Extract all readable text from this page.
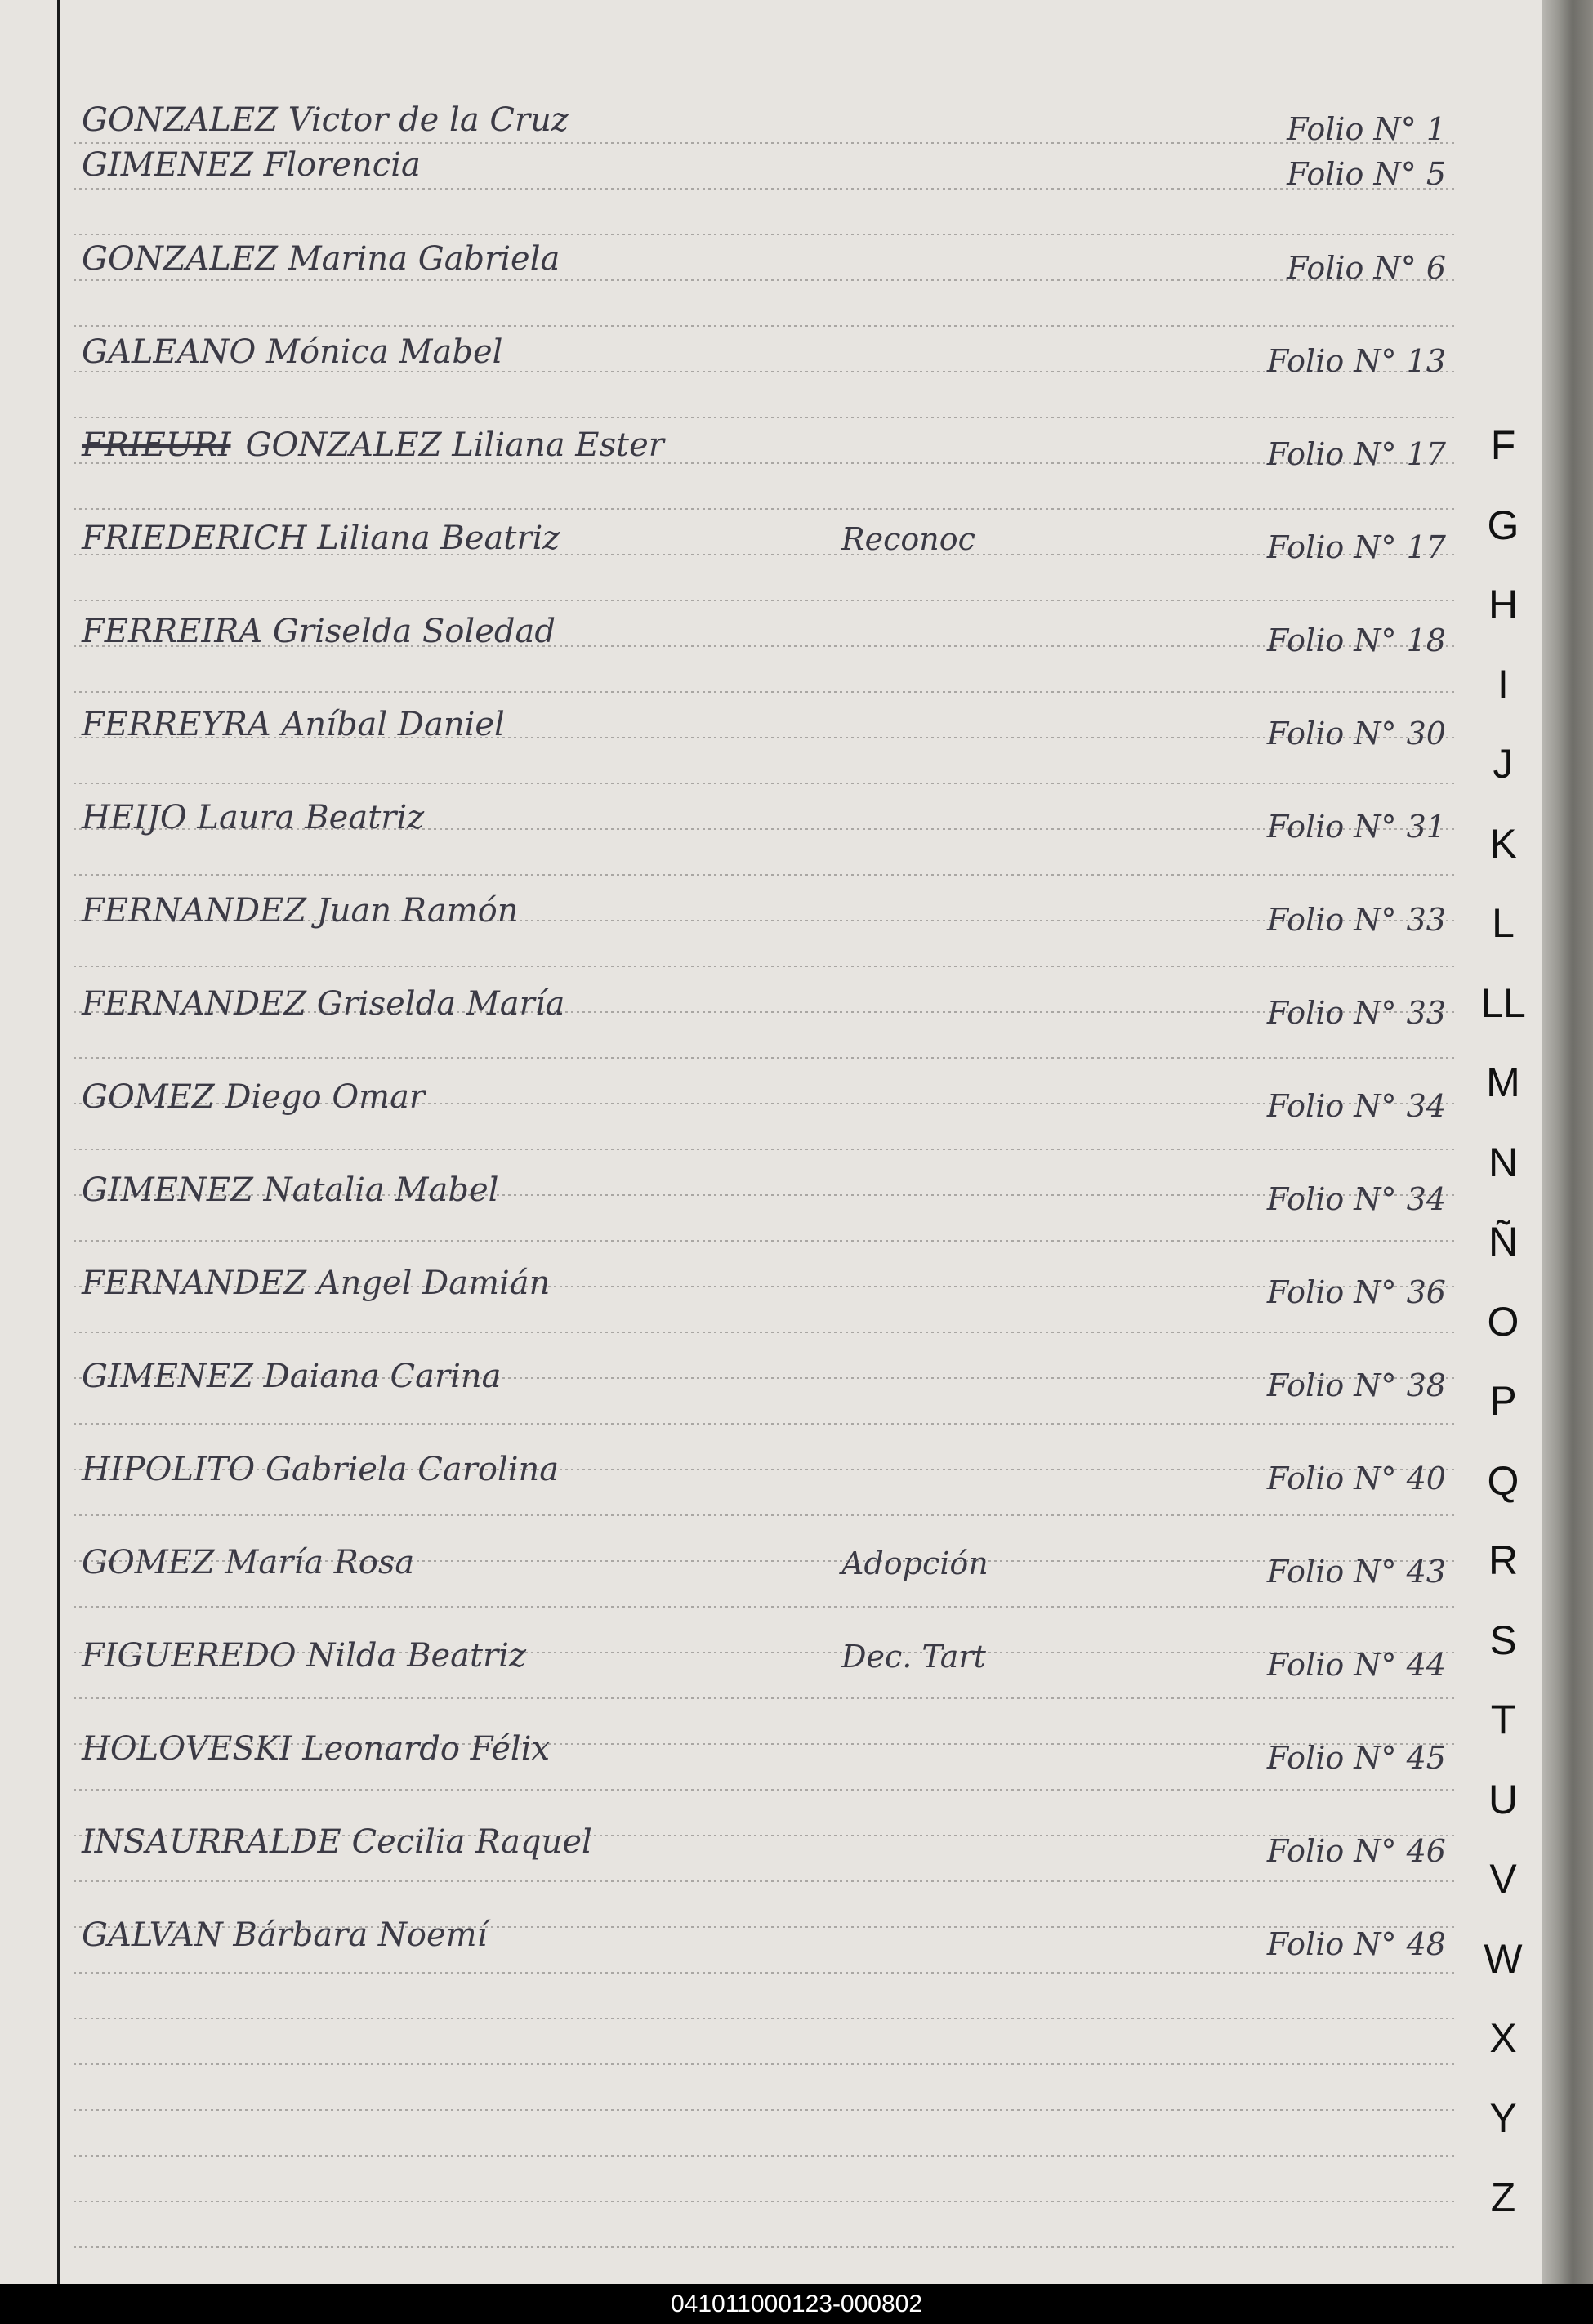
GONZALEZ Victor de la Cruz	Folio N° 1
GIMENEZ Florencia	Folio N° 5
GONZALEZ Marina Gabriela	Folio N° 6
GALEANO Mónica Mabel	Folio N° 13
FRIEURI GONZALEZ Liliana Ester	Folio N° 17
FRIEDERICH Liliana Beatriz	Reconoc	Folio N° 17
FERREIRA Griselda Soledad	Folio N° 18
FERREYRA Aníbal Daniel	Folio N° 30
HEIJO Laura Beatriz	Folio N° 31
FERNANDEZ Juan Ramón	Folio N° 33
FERNANDEZ Griselda María	Folio N° 33
GOMEZ Diego Omar	Folio N° 34
GIMENEZ Natalia Mabel	Folio N° 34
FERNANDEZ Angel Damián	Folio N° 36
GIMENEZ Daiana Carina	Folio N° 38
HIPOLITO Gabriela Carolina	Folio N° 40
GOMEZ María Rosa	Adopción	Folio N° 43
FIGUEREDO Nilda Beatriz	Dec. Tart	Folio N° 44
HOLOVESKI Leonardo Félix	Folio N° 45
INSAURRALDE Cecilia Raquel	Folio N° 46
GALVAN Bárbara Noemí	Folio N° 48
F
G
H
I
J
K
L
LL
M
N
Ñ
O
P
Q
R
S
T
U
V
W
X
Y
Z
041011000123-000802
